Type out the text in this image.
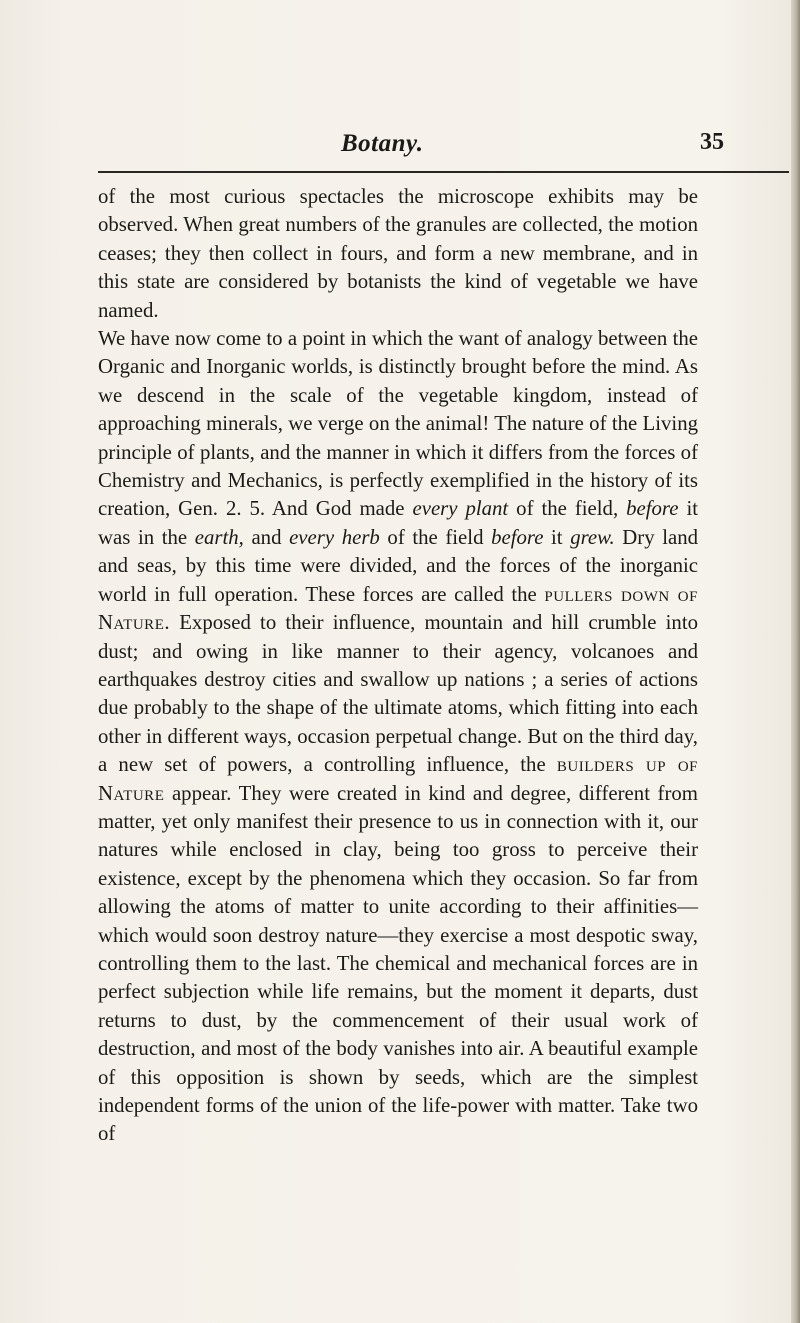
Botany.	35

of the most curious spectacles the microscope exhibits may be observed. When great numbers of the granules are collected, the motion ceases; they then collect in fours, and form a new membrane, and in this state are considered by botanists the kind of vegetable we have named.

We have now come to a point in which the want of analogy between the Organic and Inorganic worlds, is distinctly brought before the mind. As we descend in the scale of the vegetable kingdom, instead of approaching minerals, we verge on the animal! The nature of the Living principle of plants, and the manner in which it differs from the forces of Chemistry and Mechanics, is perfectly exemplified in the history of its creation, Gen. 2. 5. And God made every plant of the field, before it was in the earth, and every herb of the field before it grew. Dry land and seas, by this time were divided, and the forces of the inorganic world in full operation. These forces are called the pullers down of Nature. Exposed to their influence, mountain and hill crumble into dust; and owing in like manner to their agency, volcanoes and earthquakes destroy cities and swallow up nations ; a series of actions due probably to the shape of the ultimate atoms, which fitting into each other in different ways, occasion perpetual change. But on the third day, a new set of powers, a controlling influence, the builders up of Nature appear. They were created in kind and degree, different from matter, yet only manifest their presence to us in connection with it, our natures while enclosed in clay, being too gross to perceive their existence, except by the phenomena which they occasion. So far from allowing the atoms of matter to unite according to their affinities—which would soon destroy nature—they exercise a most despotic sway, controlling them to the last. The chemical and mechanical forces are in perfect subjection while life remains, but the moment it departs, dust returns to dust, by the commencement of their usual work of destruction, and most of the body vanishes into air. A beautiful example of this opposition is shown by seeds, which are the simplest independent forms of the union of the life-power with matter. Take two of
